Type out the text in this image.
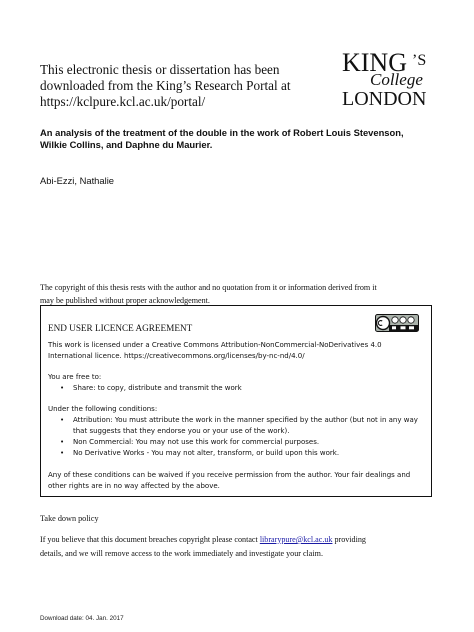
This electronic thesis or dissertation has been
downloaded from the King’s Research Portal at
https://kclpure.kcl.ac.uk/portal/
KING ’S
College
LONDON
An analysis of the treatment of the double in the work of Robert Louis Stevenson,
Wilkie Collins, and Daphne du Maurier.
Abi-Ezzi, Nathalie
The copyright of this thesis rests with the author and no quotation from it or information derived from it
may be published without proper acknowledgement.
END USER LICENCE AGREEMENT
This work is licensed under a Creative Commons Attribution-NonCommercial-NoDerivatives 4.0
International licence. https://creativecommons.org/licenses/by-nc-nd/4.0/
You are free to:
• Share: to copy, distribute and transmit the work
Under the following conditions:
• Attribution: You must attribute the work in the manner specified by the author (but not in any way that suggests that they endorse you or your use of the work).
• Non Commercial: You may not use this work for commercial purposes.
• No Derivative Works - You may not alter, transform, or build upon this work.
Any of these conditions can be waived if you receive permission from the author. Your fair dealings and
other rights are in no way affected by the above.
Take down policy
If you believe that this document breaches copyright please contact librarypure@kcl.ac.uk providing
details, and we will remove access to the work immediately and investigate your claim.
Download date: 04. Jan. 2017
